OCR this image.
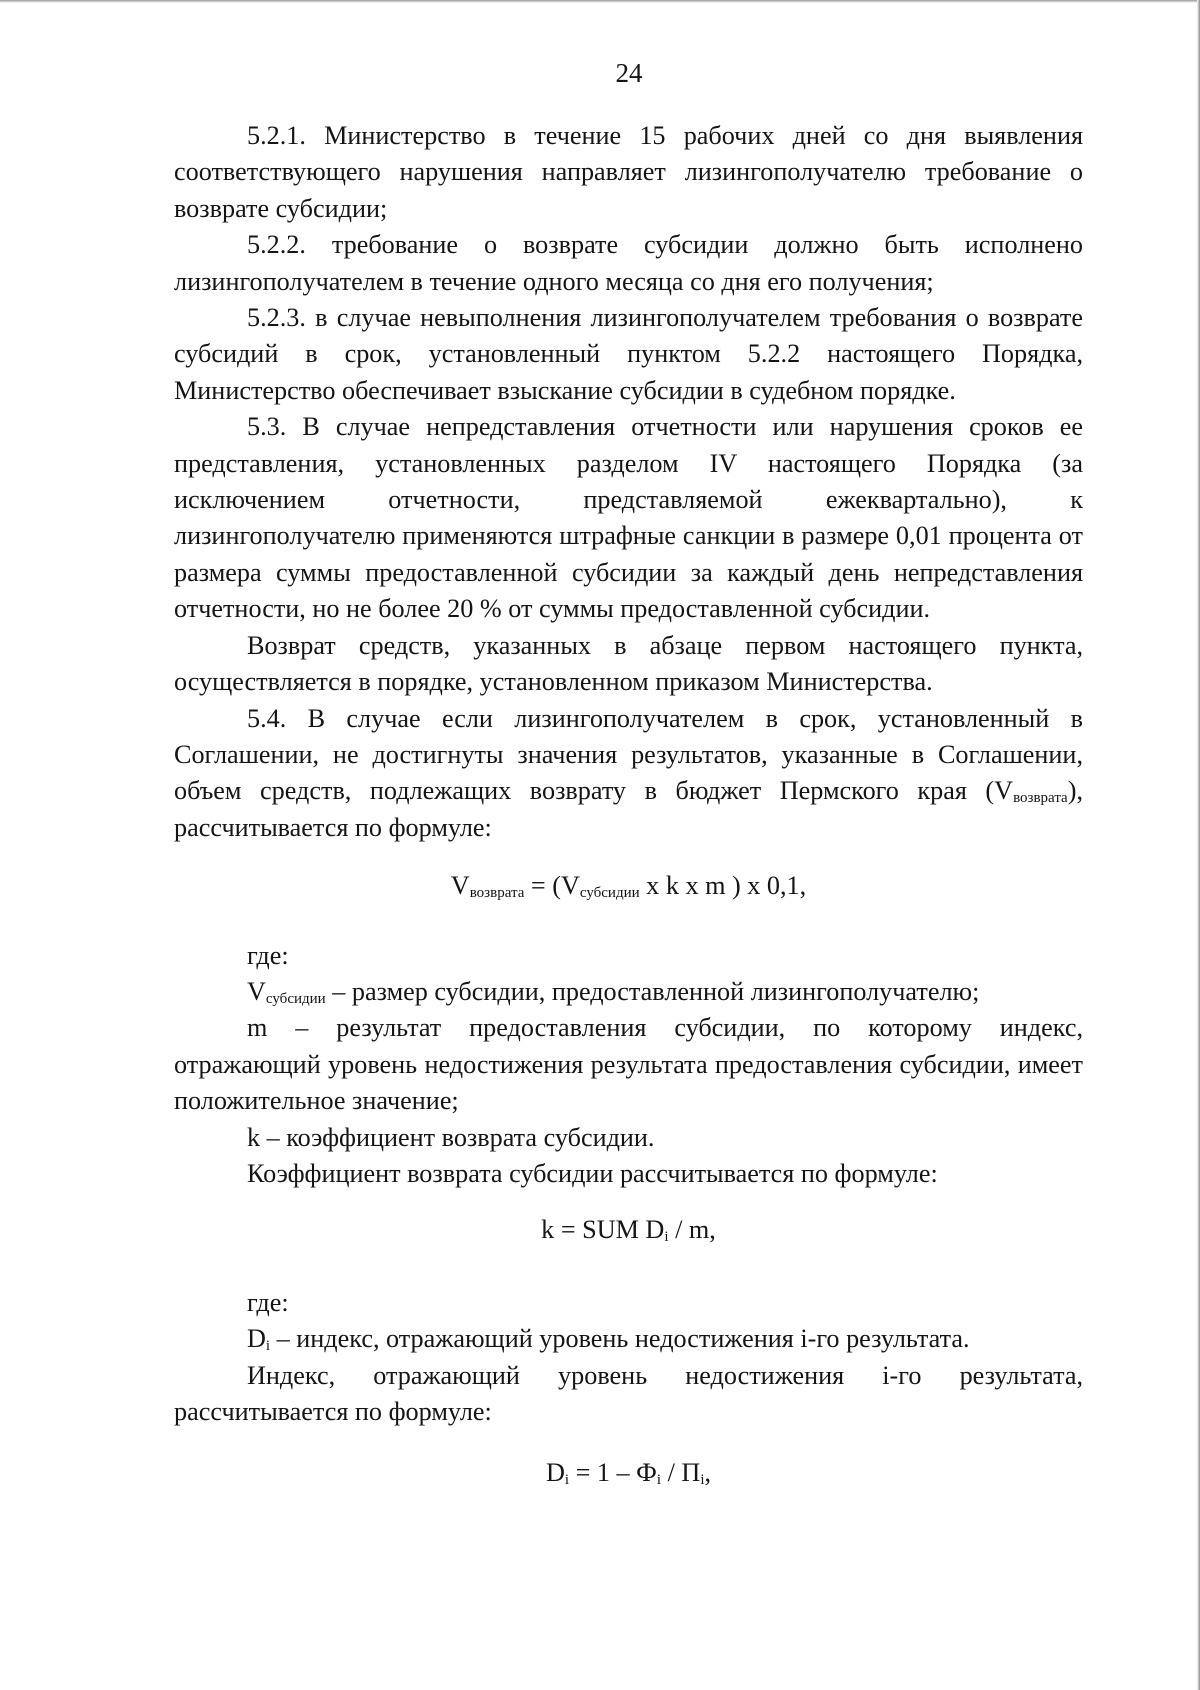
24

5.2.1. Министерство в течение 15 рабочих дней со дня выявления соответствующего нарушения направляет лизингополучателю требование о возврате субсидии;

5.2.2. требование о возврате субсидии должно быть исполнено лизингополучателем в течение одного месяца со дня его получения;

5.2.3. в случае невыполнения лизингополучателем требования о возврате субсидий в срок, установленный пунктом 5.2.2 настоящего Порядка, Министерство обеспечивает взыскание субсидии в судебном порядке.

5.3. В случае непредставления отчетности или нарушения сроков ее представления, установленных разделом IV настоящего Порядка (за исключением отчетности, представляемой ежеквартально), к лизингополучателю применяются штрафные санкции в размере 0,01 процента от размера суммы предоставленной субсидии за каждый день непредставления отчетности, но не более 20 % от суммы предоставленной субсидии.

Возврат средств, указанных в абзаце первом настоящего пункта, осуществляется в порядке, установленном приказом Министерства.

5.4. В случае если лизингополучателем в срок, установленный в Соглашении, не достигнуты значения результатов, указанные в Соглашении, объем средств, подлежащих возврату в бюджет Пермского края $(V_{возврата})$, рассчитывается по формуле:

$V_{возврата} = (V_{субсидии}$ х k х m ) х 0,1,

где:

$V_{субсидии}$ – размер субсидии, предоставленной лизингополучателю;

m – результат предоставления субсидии, по которому индекс, отражающий уровень недостижения результата предоставления субсидии, имеет положительное значение;

k – коэффициент возврата субсидии.

Коэффициент возврата субсидии рассчитывается по формуле:

k = SUM $D_i$ / m,

где:

$D_i$ – индекс, отражающий уровень недостижения i-го результата.

Индекс, отражающий уровень недостижения i-го результата, рассчитывается по формуле:

$D_i = 1 - Ф_i / П_i$,
